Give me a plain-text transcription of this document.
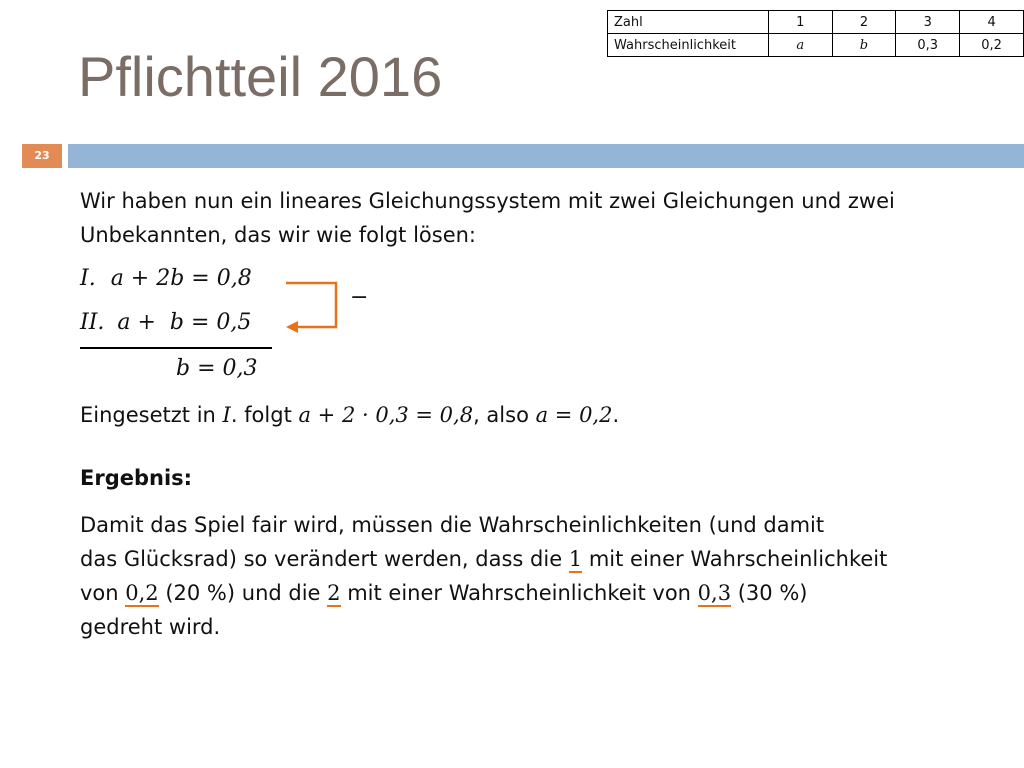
Pflichtteil 2016
Zahl	1	2	3	4
Wahrscheinlichkeit	a	b	0,3	0,2
23
Wir haben nun ein lineares Gleichungssystem mit zwei Gleichungen und zwei
Unbekannten, das wir wie folgt lösen:
I. a + 2b = 0,8
II. a +  b = 0,5
b = 0,3
−
Eingesetzt in I. folgt a + 2 · 0,3 = 0,8, also a = 0,2.
Ergebnis:
Damit das Spiel fair wird, müssen die Wahrscheinlichkeiten (und damit
das Glücksrad) so verändert werden, dass die 1 mit einer Wahrscheinlichkeit
von 0,2 (20 %) und die 2 mit einer Wahrscheinlichkeit von 0,3 (30 %)
gedreht wird.
